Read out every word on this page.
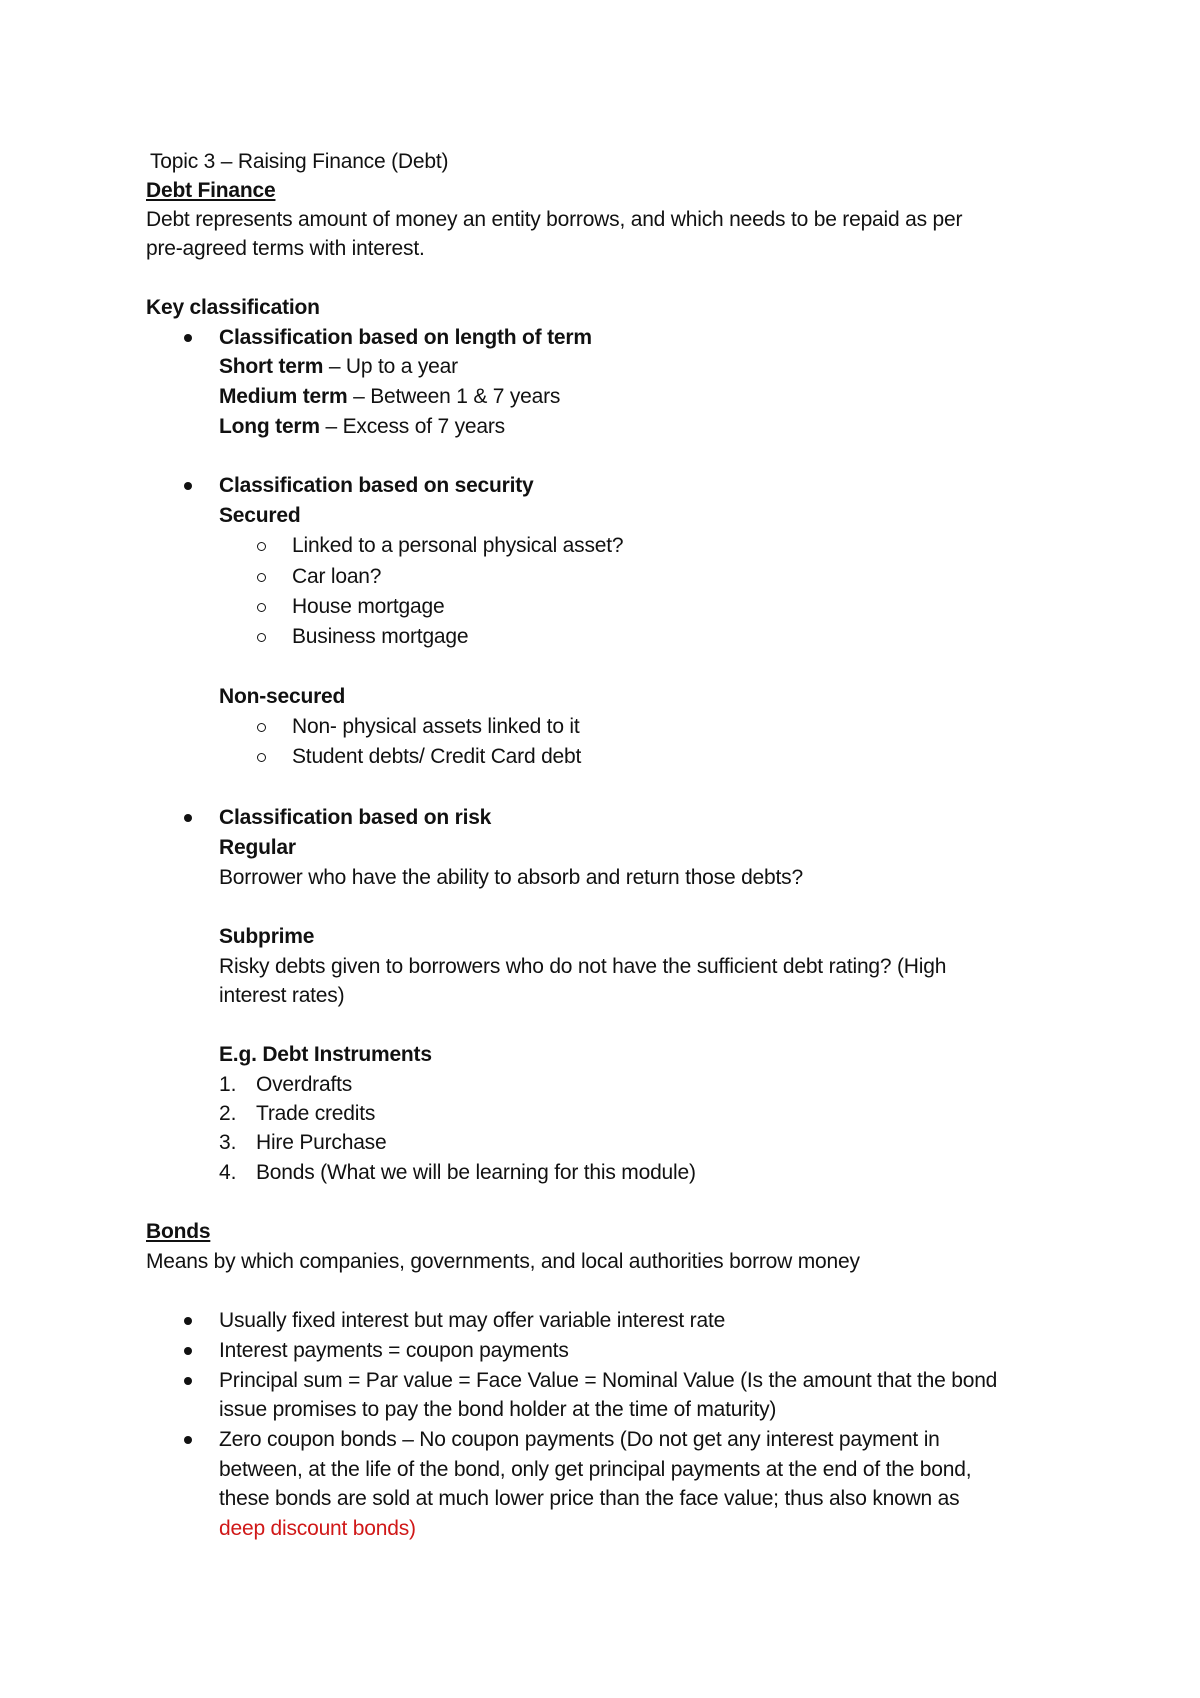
Topic 3 – Raising Finance (Debt)
Debt Finance
Debt represents amount of money an entity borrows, and which needs to be repaid as per
pre-agreed terms with interest.
Key classification
Classification based on length of term
Short term – Up to a year
Medium term – Between 1 & 7 years
Long term – Excess of 7 years
Classification based on security
Secured
Linked to a personal physical asset?
Car loan?
House mortgage
Business mortgage
Non-secured
Non- physical assets linked to it
Student debts/ Credit Card debt
Classification based on risk
Regular
Borrower who have the ability to absorb and return those debts?
Subprime
Risky debts given to borrowers who do not have the sufficient debt rating? (High
interest rates)
E.g. Debt Instruments
1. Overdrafts
2. Trade credits
3. Hire Purchase
4. Bonds (What we will be learning for this module)
Bonds
Means by which companies, governments, and local authorities borrow money
Usually fixed interest but may offer variable interest rate
Interest payments = coupon payments
Principal sum = Par value = Face Value = Nominal Value (Is the amount that the bond
issue promises to pay the bond holder at the time of maturity)
Zero coupon bonds – No coupon payments (Do not get any interest payment in
between, at the life of the bond, only get principal payments at the end of the bond,
these bonds are sold at much lower price than the face value; thus also known as
deep discount bonds)
